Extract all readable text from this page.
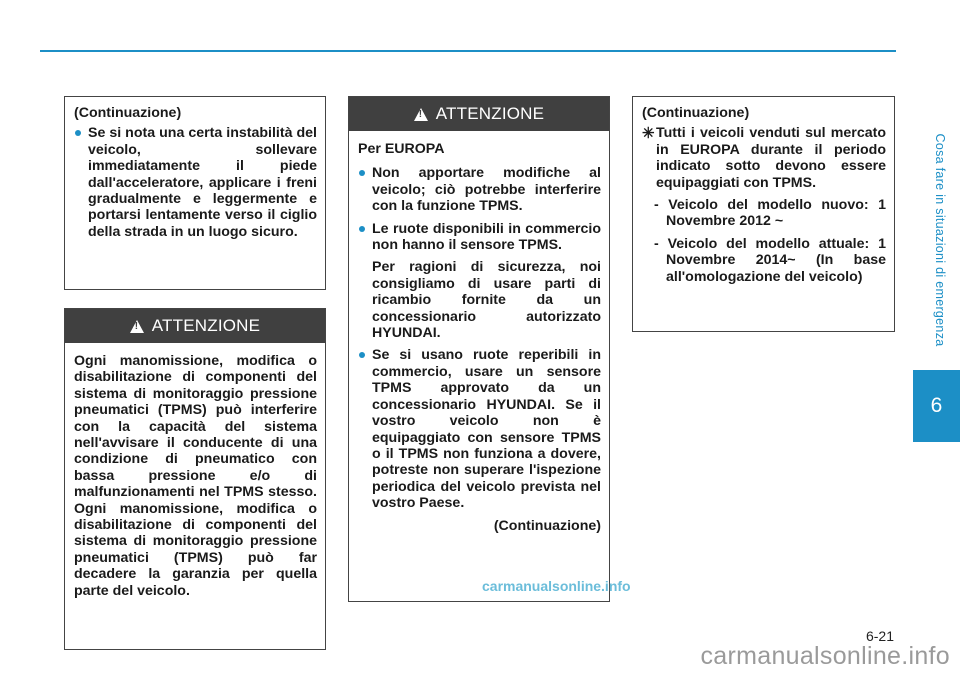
(Continuazione)

Se si nota una certa instabilità del veicolo, sollevare immediatamente il piede dall'acceleratore, applicare i freni gradualmente e leggermente e portarsi lentamente verso il ciglio della strada in un luogo sicuro.

!
ATTENZIONE

Ogni manomissione, modifica o disabilitazione di componenti del sistema di monitoraggio pressione pneumatici (TPMS) può interferire con la capacità del sistema nell'avvisare il conducente di una condizione di pneumatico con bassa pressione e/o di malfunzionamenti nel TPMS stesso. Ogni manomissione, modifica o disabilitazione di componenti del sistema di monitoraggio pressione pneumatici (TPMS) può far decadere la garanzia per quella parte del veicolo.

!
ATTENZIONE

Per EUROPA

Non apportare modifiche al veicolo; ciò potrebbe interferire con la funzione TPMS.

Le ruote disponibili in commercio non hanno il sensore TPMS.

Per ragioni di sicurezza, noi consigliamo di usare parti di ricambio fornite da un concessionario autorizzato HYUNDAI.

Se si usano ruote reperibili in commercio, usare un sensore TPMS approvato da un concessionario HYUNDAI. Se il vostro veicolo non è equipaggiato con sensore TPMS o il TPMS non funziona a dovere, potreste non superare l'ispezione periodica del veicolo prevista nel vostro Paese.

(Continuazione)

(Continuazione)

✳ Tutti i veicoli venduti sul mercato in EUROPA durante il periodo indicato sotto devono essere equipaggiati con TPMS.

- Veicolo del modello nuovo: 1 Novembre 2012 ~

- Veicolo del modello attuale: 1 Novembre 2014~ (In base all'omologazione del veicolo)	Cosa fare in situazioni di emergenza
6
6-21
carmanualsonline.info
carmanualsonline.info
